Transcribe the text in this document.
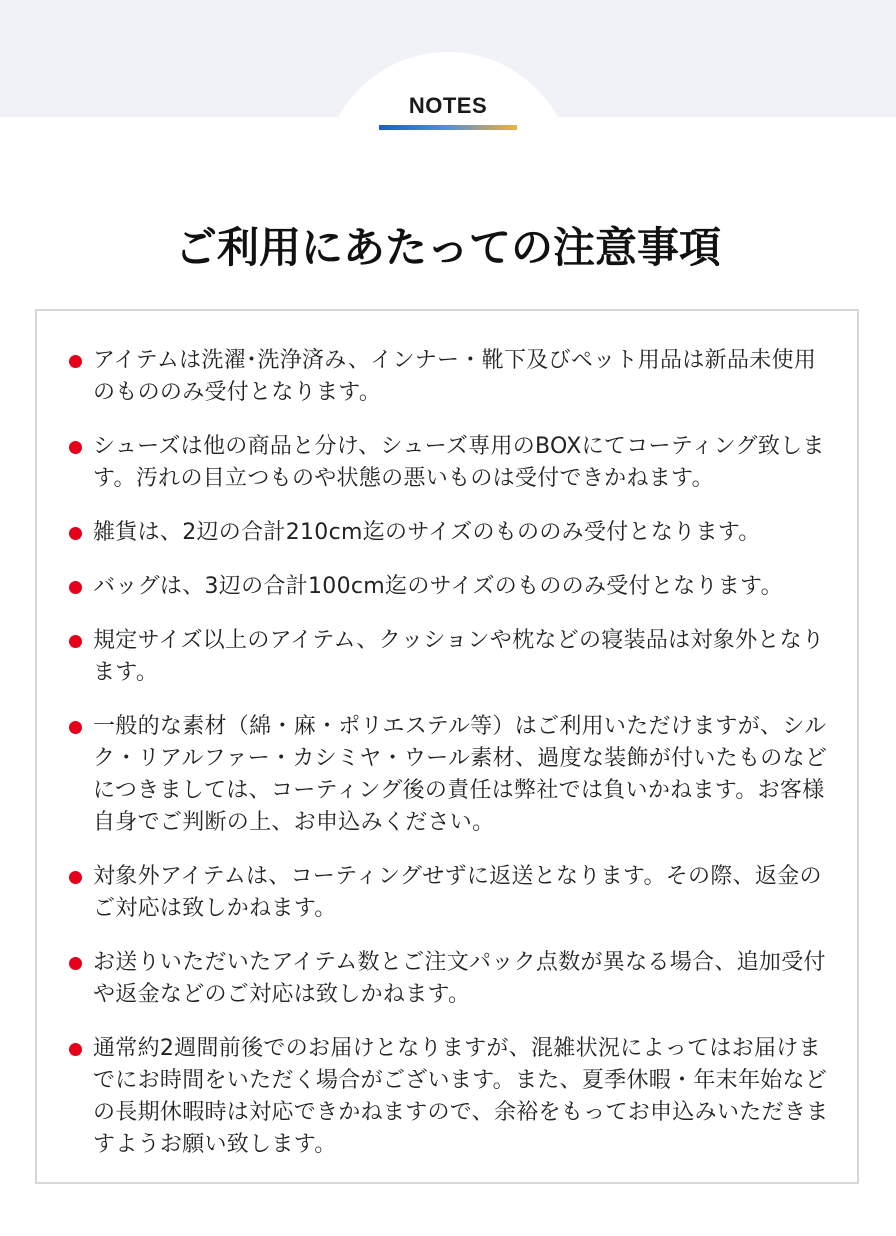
NOTES
ご利用にあたっての注意事項
アイテムは洗濯･洗浄済み、インナー・靴下及びペット用品は新品未使用のもののみ受付となります。
シューズは他の商品と分け、シューズ専用のBOXにてコーティング致します。汚れの目立つものや状態の悪いものは受付できかねます。
雑貨は、2辺の合計210cm迄のサイズのもののみ受付となります。
バッグは、3辺の合計100cm迄のサイズのもののみ受付となります。
規定サイズ以上のアイテム、クッションや枕などの寝装品は対象外となります。
一般的な素材（綿・麻・ポリエステル等）はご利用いただけますが、シルク・リアルファー・カシミヤ・ウール素材、過度な装飾が付いたものなどにつきましては、コーティング後の責任は弊社では負いかねます。お客様自身でご判断の上、お申込みください。
対象外アイテムは、コーティングせずに返送となります。その際、返金のご対応は致しかねます。
お送りいただいたアイテム数とご注文パック点数が異なる場合、追加受付や返金などのご対応は致しかねます。
通常約2週間前後でのお届けとなりますが、混雑状況によってはお届けまでにお時間をいただく場合がございます。また、夏季休暇・年末年始などの長期休暇時は対応できかねますので、余裕をもってお申込みいただきますようお願い致します。
